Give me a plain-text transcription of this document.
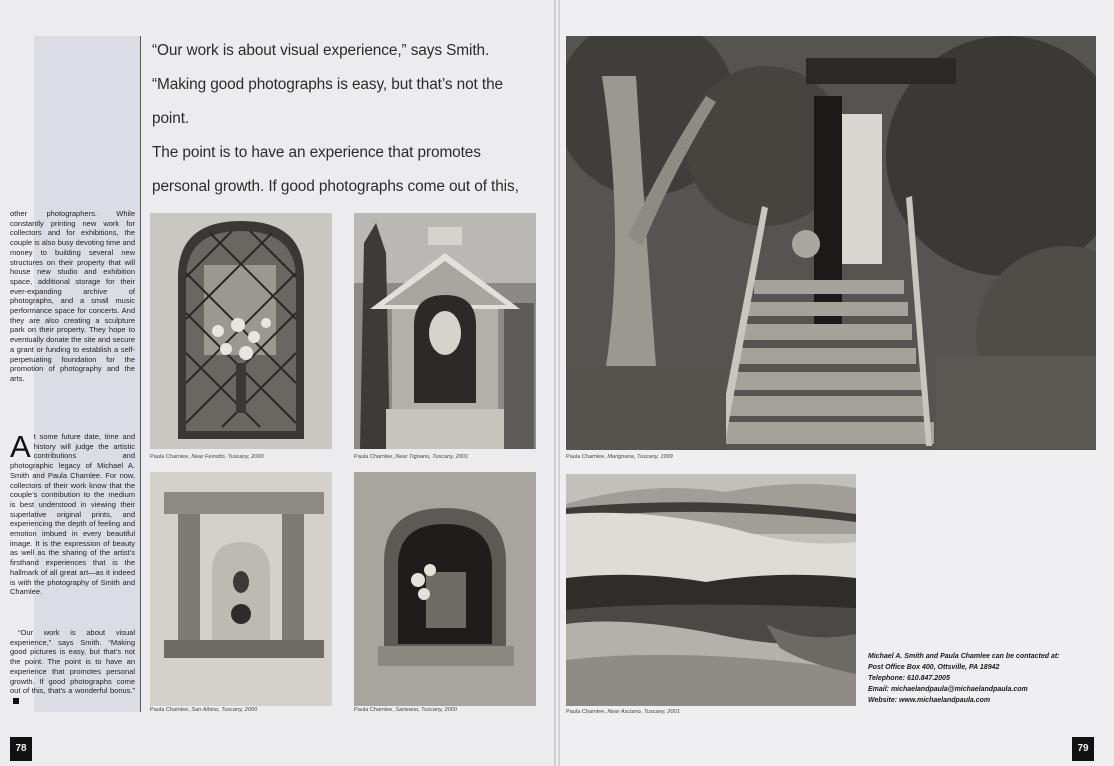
“Our work is about visual experience,” says Smith.
“Making good photographs is easy, but that’s not the point.
The point is to have an experience that promotes
personal growth. If good photographs come out of this,

other photographers. While constantly printing new work for collectors and for exhibitions, the couple is also busy devoting time and money to building several new structures on their property that will house new studio and exhibition space, additional storage for their ever-expanding archive of photographs, and a small music performance space for concerts. And they are also creating a sculpture park on their property. They hope to eventually donate the site and secure a grant or funding to establish a self-perpetuating foundation for the promotion of photography and the arts.

At some future date, time and history will judge the artistic contributions and photographic legacy of Michael A. Smith and Paula Chamlee. For now, collectors of their work know that the couple’s contribution to the medium is best understood in viewing their superlative original prints, and experiencing the depth of feeling and emotion imbued in every beautiful image. It is the expression of beauty as well as the sharing of the artist’s firsthand experiences that is the hallmark of all great art—as it indeed is with the photography of Smith and Chamlee.

“Our work is about visual experience,” says Smith. “Making good pictures is easy, but that’s not the point. The point is to have an experience that promotes personal growth. If good photographs come out of this, that’s a wonderful bonus.”

Paula Chamlee, Near Ferretto, Tuscany, 2000	Paula Chamlee, Near Tignano, Tuscany, 2001
Paula Chamlee, San Albino, Tuscany, 2000	Paula Chamlee, Sarteano, Tuscany, 2000
Paula Chamlee, Marignana, Tuscany, 1999
Paula Chamlee, Near Asciano, Tuscany, 2001
Michael A. Smith and Paula Chamlee can be contacted at:
Post Office Box 400, Ottsville, PA 18942
Telephone: 610.847.2005
Email: michaelandpaula@michaelandpaula.com
Website: www.michaelandpaula.com
78	79
